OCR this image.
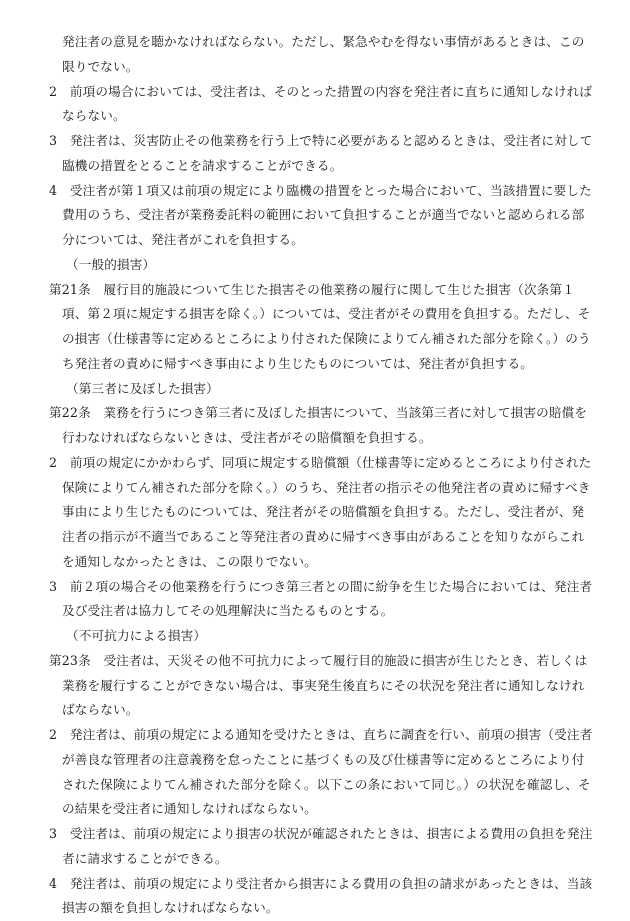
発注者の意見を聴かなければならない。ただし、緊急やむを得ない事情があるときは、この限りでない。

2　前項の場合においては、受注者は、そのとった措置の内容を発注者に直ちに通知しなければならない。

3　発注者は、災害防止その他業務を行う上で特に必要があると認めるときは、受注者に対して臨機の措置をとることを請求することができる。

4　受注者が第１項又は前項の規定により臨機の措置をとった場合において、当該措置に要した費用のうち、受注者が業務委託料の範囲において負担することが適当でないと認められる部分については、発注者がこれを負担する。

（一般的損害）

第21条　履行目的施設について生じた損害その他業務の履行に関して生じた損害（次条第１項、第２項に規定する損害を除く。）については、受注者がその費用を負担する。ただし、その損害（仕様書等に定めるところにより付された保険によりてん補された部分を除く。）のうち発注者の責めに帰すべき事由により生じたものについては、発注者が負担する。

（第三者に及ぼした損害）

第22条　業務を行うにつき第三者に及ぼした損害について、当該第三者に対して損害の賠償を行わなければならないときは、受注者がその賠償額を負担する。

2　前項の規定にかかわらず、同項に規定する賠償額（仕様書等に定めるところにより付された保険によりてん補された部分を除く。）のうち、発注者の指示その他発注者の責めに帰すべき事由により生じたものについては、発注者がその賠償額を負担する。ただし、受注者が、発注者の指示が不適当であること等発注者の責めに帰すべき事由があることを知りながらこれを通知しなかったときは、この限りでない。

3　前２項の場合その他業務を行うにつき第三者との間に紛争を生じた場合においては、発注者及び受注者は協力してその処理解決に当たるものとする。

（不可抗力による損害）

第23条　受注者は、天災その他不可抗力によって履行目的施設に損害が生じたとき、若しくは業務を履行することができない場合は、事実発生後直ちにその状況を発注者に通知しなければならない。

2　発注者は、前項の規定による通知を受けたときは、直ちに調査を行い、前項の損害（受注者が善良な管理者の注意義務を怠ったことに基づくもの及び仕様書等に定めるところにより付された保険によりてん補された部分を除く。以下この条において同じ。）の状況を確認し、その結果を受注者に通知しなければならない。

3　受注者は、前項の規定により損害の状況が確認されたときは、損害による費用の負担を発注者に請求することができる。

4　発注者は、前項の規定により受注者から損害による費用の負担の請求があったときは、当該損害の額を負担しなければならない。
